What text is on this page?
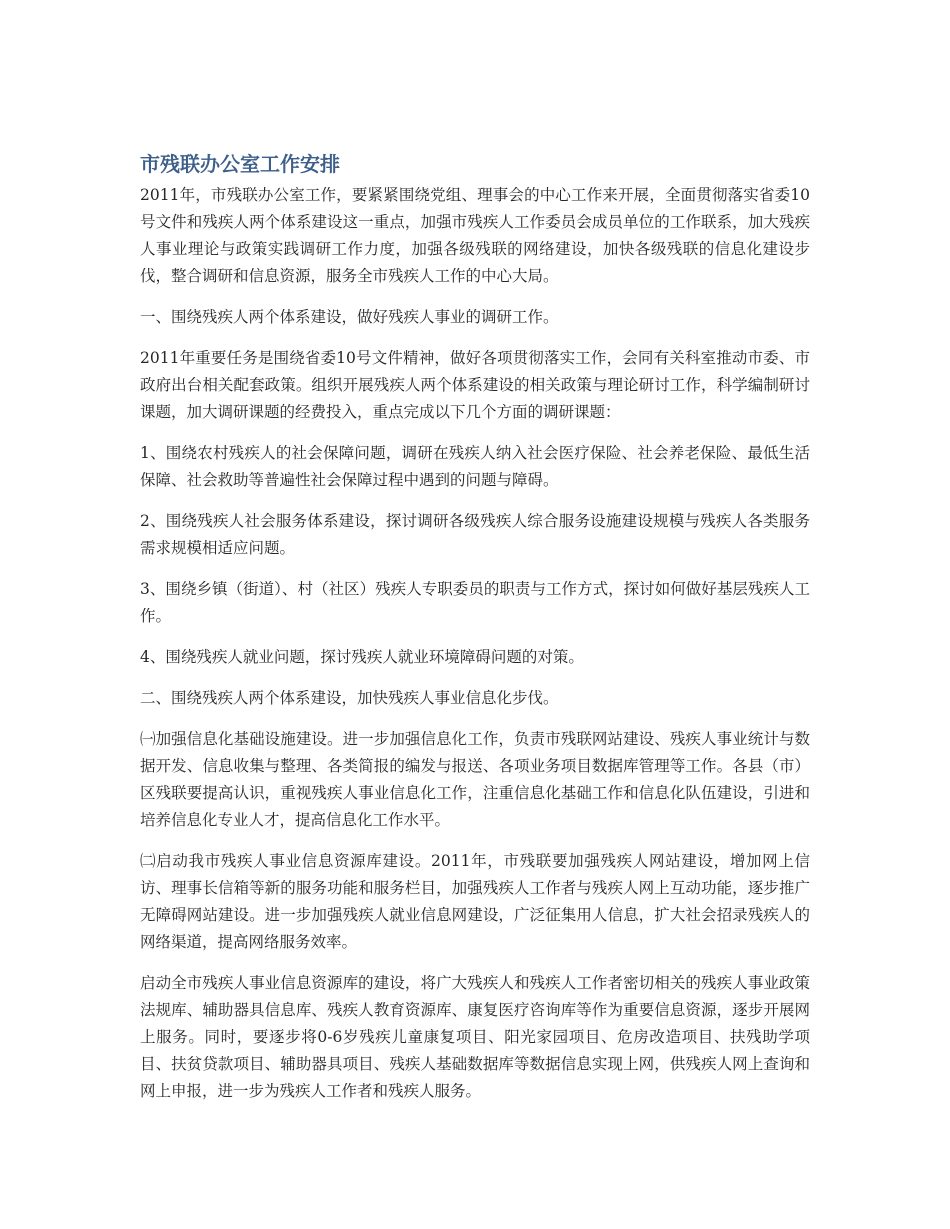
市残联办公室工作安排

2011年，市残联办公室工作，要紧紧围绕党组、理事会的中心工作来开展，全面贯彻落实省委10号文件和残疾人两个体系建设这一重点，加强市残疾人工作委员会成员单位的工作联系，加大残疾人事业理论与政策实践调研工作力度，加强各级残联的网络建设，加快各级残联的信息化建设步伐，整合调研和信息资源，服务全市残疾人工作的中心大局。

一、围绕残疾人两个体系建设，做好残疾人事业的调研工作。

2011年重要任务是围绕省委10号文件精神，做好各项贯彻落实工作，会同有关科室推动市委、市政府出台相关配套政策。组织开展残疾人两个体系建设的相关政策与理论研讨工作，科学编制研讨课题，加大调研课题的经费投入，重点完成以下几个方面的调研课题：

1、围绕农村残疾人的社会保障问题，调研在残疾人纳入社会医疗保险、社会养老保险、最低生活保障、社会救助等普遍性社会保障过程中遇到的问题与障碍。

2、围绕残疾人社会服务体系建设，探讨调研各级残疾人综合服务设施建设规模与残疾人各类服务需求规模相适应问题。

3、围绕乡镇（街道）、村（社区）残疾人专职委员的职责与工作方式，探讨如何做好基层残疾人工作。

4、围绕残疾人就业问题，探讨残疾人就业环境障碍问题的对策。

二、围绕残疾人两个体系建设，加快残疾人事业信息化步伐。

㈠加强信息化基础设施建设。进一步加强信息化工作，负责市残联网站建设、残疾人事业统计与数据开发、信息收集与整理、各类简报的编发与报送、各项业务项目数据库管理等工作。各县（市）区残联要提高认识，重视残疾人事业信息化工作，注重信息化基础工作和信息化队伍建设，引进和培养信息化专业人才，提高信息化工作水平。

㈡启动我市残疾人事业信息资源库建设。2011年，市残联要加强残疾人网站建设，增加网上信访、理事长信箱等新的服务功能和服务栏目，加强残疾人工作者与残疾人网上互动功能，逐步推广无障碍网站建设。进一步加强残疾人就业信息网建设，广泛征集用人信息，扩大社会招录残疾人的网络渠道，提高网络服务效率。

启动全市残疾人事业信息资源库的建设，将广大残疾人和残疾人工作者密切相关的残疾人事业政策法规库、辅助器具信息库、残疾人教育资源库、康复医疗咨询库等作为重要信息资源，逐步开展网上服务。同时，要逐步将0-6岁残疾儿童康复项目、阳光家园项目、危房改造项目、扶残助学项目、扶贫贷款项目、辅助器具项目、残疾人基础数据库等数据信息实现上网，供残疾人网上查询和网上申报，进一步为残疾人工作者和残疾人服务。
